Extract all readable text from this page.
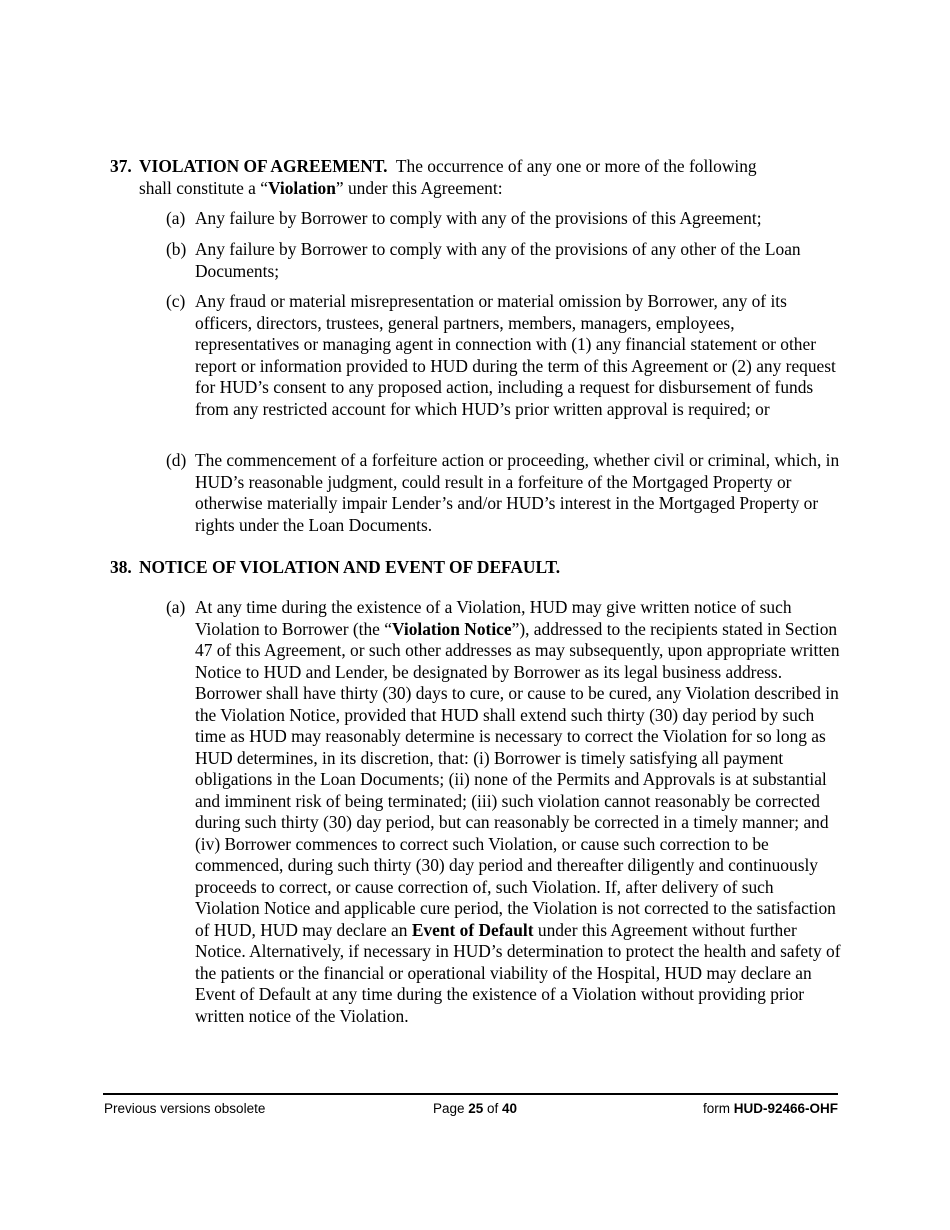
37. VIOLATION OF AGREEMENT. The occurrence of any one or more of the following
shall constitute a “Violation” under this Agreement:
(a) Any failure by Borrower to comply with any of the provisions of this Agreement;
(b) Any failure by Borrower to comply with any of the provisions of any other of the Loan Documents;
(c) Any fraud or material misrepresentation or material omission by Borrower, any of its officers, directors, trustees, general partners, members, managers, employees, representatives or managing agent in connection with (1) any financial statement or other report or information provided to HUD during the term of this Agreement or (2) any request for HUD’s consent to any proposed action, including a request for disbursement of funds from any restricted account for which HUD’s prior written approval is required; or
(d) The commencement of a forfeiture action or proceeding, whether civil or criminal, which, in HUD’s reasonable judgment, could result in a forfeiture of the Mortgaged Property or otherwise materially impair Lender’s and/or HUD’s interest in the Mortgaged Property or rights under the Loan Documents.
38. NOTICE OF VIOLATION AND EVENT OF DEFAULT.
(a) At any time during the existence of a Violation, HUD may give written notice of such Violation to Borrower (the “Violation Notice”), addressed to the recipients stated in Section 47 of this Agreement, or such other addresses as may subsequently, upon appropriate written Notice to HUD and Lender, be designated by Borrower as its legal business address. Borrower shall have thirty (30) days to cure, or cause to be cured, any Violation described in the Violation Notice, provided that HUD shall extend such thirty (30) day period by such time as HUD may reasonably determine is necessary to correct the Violation for so long as HUD determines, in its discretion, that: (i) Borrower is timely satisfying all payment obligations in the Loan Documents; (ii) none of the Permits and Approvals is at substantial and imminent risk of being terminated; (iii) such violation cannot reasonably be corrected during such thirty (30) day period, but can reasonably be corrected in a timely manner; and
(iv) Borrower commences to correct such Violation, or cause such correction to be commenced, during such thirty (30) day period and thereafter diligently and continuously proceeds to correct, or cause correction of, such Violation. If, after delivery of such Violation Notice and applicable cure period, the Violation is not corrected to the satisfaction of HUD, HUD may declare an Event of Default under this Agreement without further Notice. Alternatively, if necessary in HUD’s determination to protect the health and safety of the patients or the financial or operational viability of the Hospital, HUD may declare an Event of Default at any time during the existence of a Violation without providing prior written notice of the Violation.
Previous versions obsolete	Page 25 of 40	form HUD-92466-OHF
